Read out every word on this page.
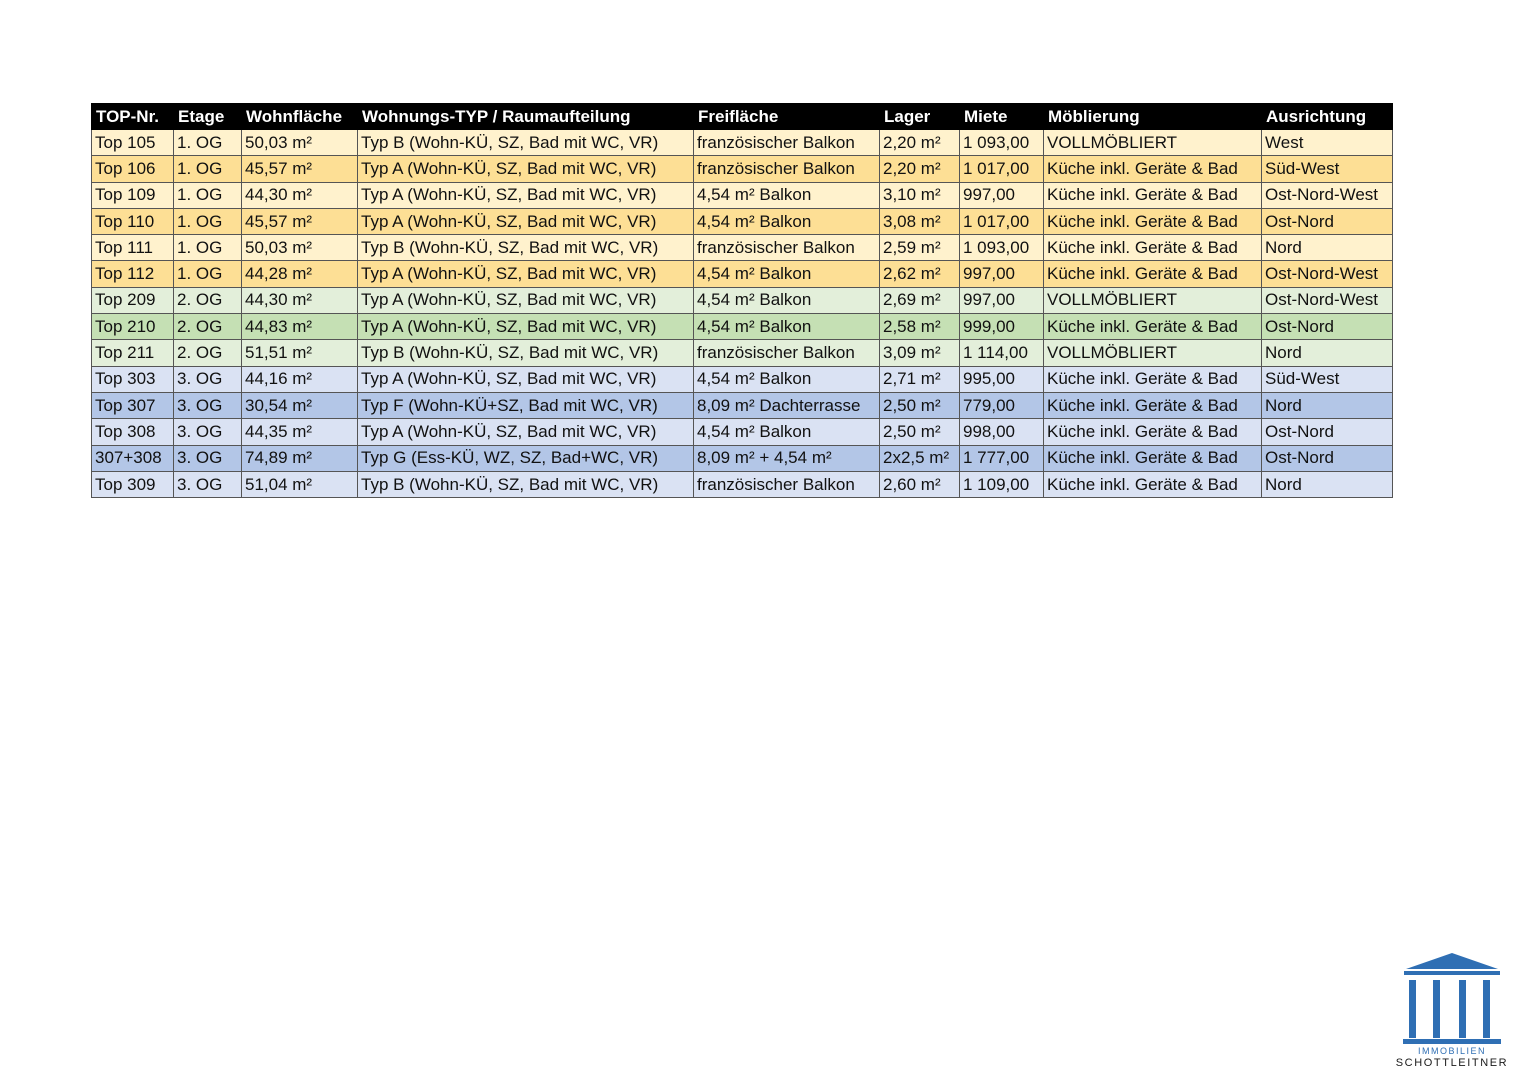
TOP-Nr.	Etage	Wohnfläche	Wohnungs-TYP / Raumaufteilung	Freifläche	Lager	Miete	Möblierung	Ausrichtung
Top 105	1. OG	50,03 m²	Typ B (Wohn-KÜ, SZ, Bad mit WC, VR)	französischer Balkon	2,20 m²	1 093,00	VOLLMÖBLIERT	West
Top 106	1. OG	45,57 m²	Typ A (Wohn-KÜ, SZ, Bad mit WC, VR)	französischer Balkon	2,20 m²	1 017,00	Küche inkl. Geräte & Bad	Süd-West
Top 109	1. OG	44,30 m²	Typ A (Wohn-KÜ, SZ, Bad mit WC, VR)	4,54 m² Balkon	3,10 m²	997,00	Küche inkl. Geräte & Bad	Ost-Nord-West
Top 110	1. OG	45,57 m²	Typ A (Wohn-KÜ, SZ, Bad mit WC, VR)	4,54 m² Balkon	3,08 m²	1 017,00	Küche inkl. Geräte & Bad	Ost-Nord
Top 111	1. OG	50,03 m²	Typ B (Wohn-KÜ, SZ, Bad mit WC, VR)	französischer Balkon	2,59 m²	1 093,00	Küche inkl. Geräte & Bad	Nord
Top 112	1. OG	44,28 m²	Typ A (Wohn-KÜ, SZ, Bad mit WC, VR)	4,54 m² Balkon	2,62 m²	997,00	Küche inkl. Geräte & Bad	Ost-Nord-West
Top 209	2. OG	44,30 m²	Typ A (Wohn-KÜ, SZ, Bad mit WC, VR)	4,54 m² Balkon	2,69 m²	997,00	VOLLMÖBLIERT	Ost-Nord-West
Top 210	2. OG	44,83 m²	Typ A (Wohn-KÜ, SZ, Bad mit WC, VR)	4,54 m² Balkon	2,58 m²	999,00	Küche inkl. Geräte & Bad	Ost-Nord
Top 211	2. OG	51,51 m²	Typ B (Wohn-KÜ, SZ, Bad mit WC, VR)	französischer Balkon	3,09 m²	1 114,00	VOLLMÖBLIERT	Nord
Top 303	3. OG	44,16 m²	Typ A (Wohn-KÜ, SZ, Bad mit WC, VR)	4,54 m² Balkon	2,71 m²	995,00	Küche inkl. Geräte & Bad	Süd-West
Top 307	3. OG	30,54 m²	Typ F (Wohn-KÜ+SZ, Bad mit WC, VR)	8,09 m² Dachterrasse	2,50 m²	779,00	Küche inkl. Geräte & Bad	Nord
Top 308	3. OG	44,35 m²	Typ A (Wohn-KÜ, SZ, Bad mit WC, VR)	4,54 m² Balkon	2,50 m²	998,00	Küche inkl. Geräte & Bad	Ost-Nord
307+308	3. OG	74,89 m²	Typ G (Ess-KÜ, WZ, SZ, Bad+WC, VR)	8,09 m² + 4,54 m²	2x2,5 m²	1 777,00	Küche inkl. Geräte & Bad	Ost-Nord
Top 309	3. OG	51,04 m²	Typ B (Wohn-KÜ, SZ, Bad mit WC, VR)	französischer Balkon	2,60 m²	1 109,00	Küche inkl. Geräte & Bad	Nord
IMMOBILIEN
SCHOTTLEITNER
